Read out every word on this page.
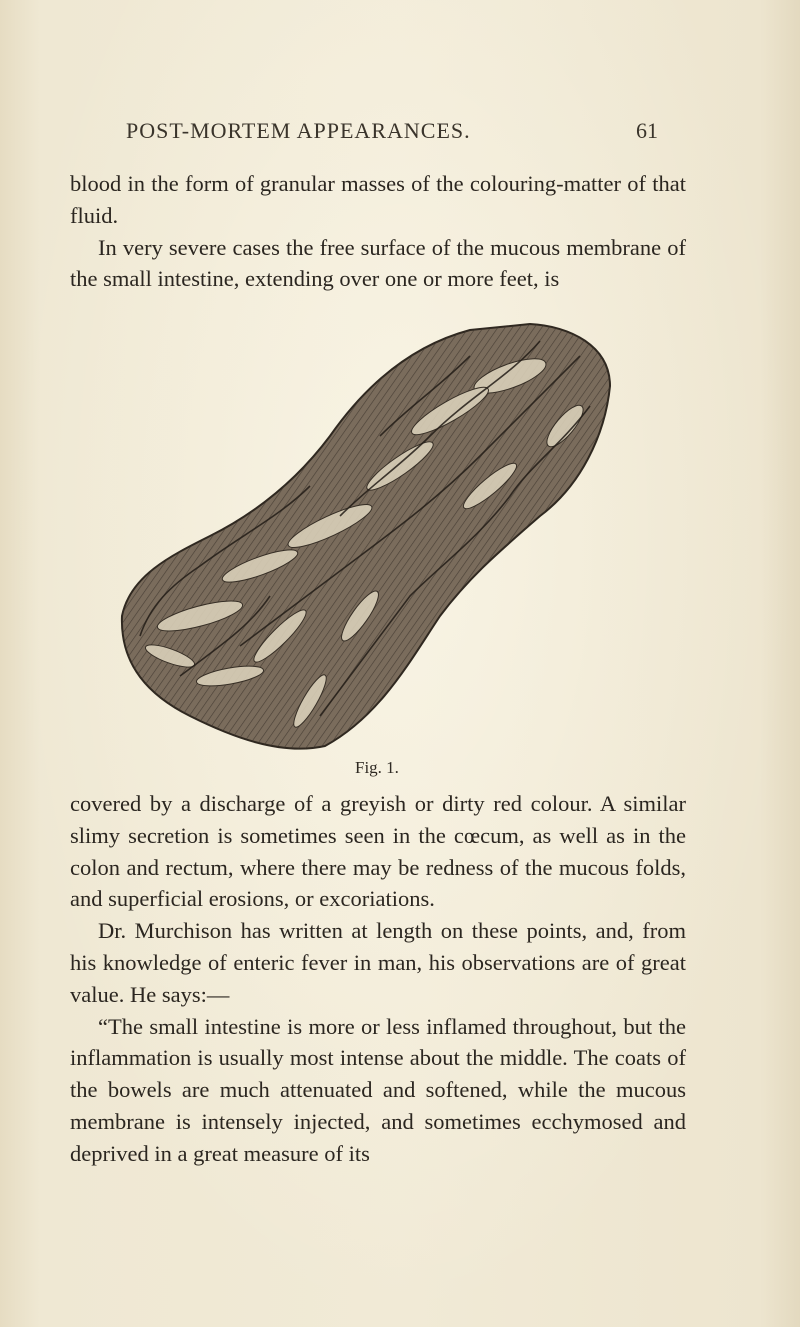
POST-MORTEM APPEARANCES.	61

blood in the form of granular masses of the colouring-matter of that fluid.

In very severe cases the free surface of the mucous membrane of the small intestine, extending over one or more feet, is

Fig. 1.

covered by a discharge of a greyish or dirty red colour. A similar slimy secretion is sometimes seen in the cœcum, as well as in the colon and rectum, where there may be redness of the mucous folds, and superficial erosions, or excoriations.

Dr. Murchison has written at length on these points, and, from his knowledge of enteric fever in man, his observations are of great value. He says:—

“The small intestine is more or less inflamed throughout, but the inflammation is usually most intense about the middle. The coats of the bowels are much attenuated and softened, while the mucous membrane is intensely injected, and sometimes ecchymosed and deprived in a great measure of its
